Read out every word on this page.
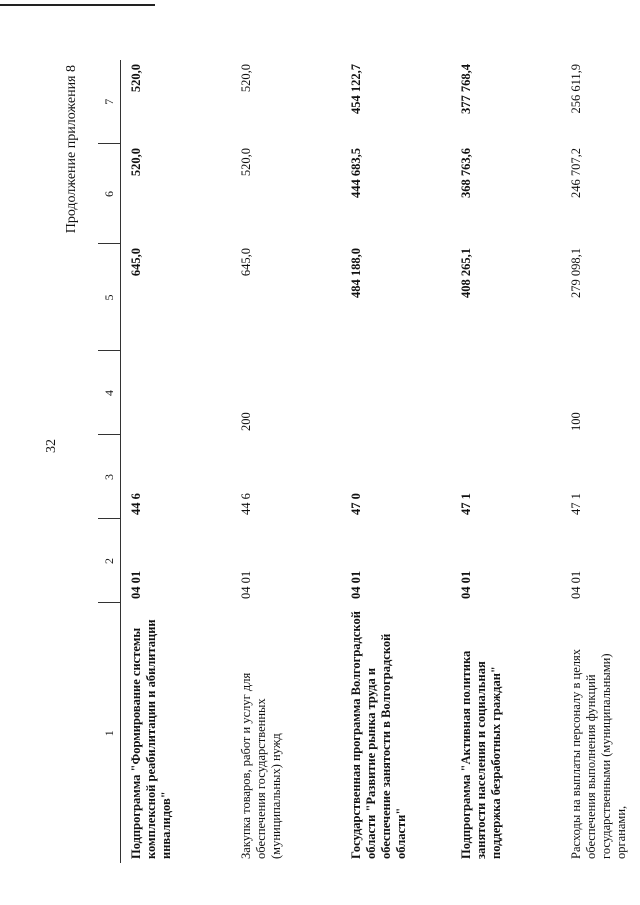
32
Продолжение приложения 8
1	2	3	4	5	6	7
Подпрограмма "Формирование системы комплексной реабилитации и абилитации инвалидов"	04 01	44 6		645,0	520,0	520,0
Закупка товаров, работ и услуг для обеспечения государственных (муниципальных) нужд	04 01	44 6	200	645,0	520,0	520,0
Государственная программа Волгоградской области "Развитие рынка труда и обеспечение занятости в Волгоградской области"	04 01	47 0		484 188,0	444 683,5	454 122,7
Подпрограмма "Активная политика занятости населения и социальная поддержка безработных граждан"	04 01	47 1		408 265,1	368 763,6	377 768,4
Расходы на выплаты персоналу в целях обеспечения выполнения функций государственными (муниципальными) органами,	04 01	47 1	100	279 098,1	246 707,2	256 611,9
